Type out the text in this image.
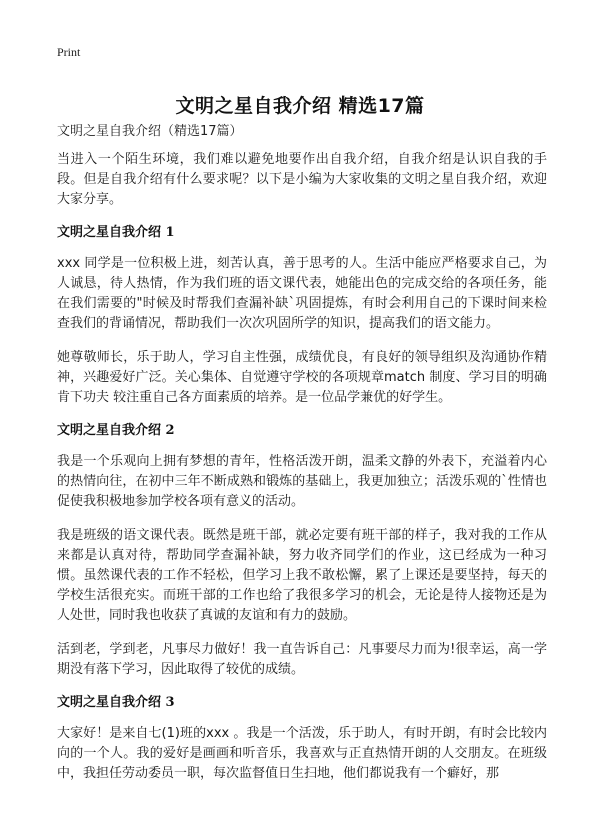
Print
文明之星自我介绍 精选17篇
文明之星自我介绍（精选17篇）

当进入一个陌生环境，我们难以避免地要作出自我介绍，自我介绍是认识自我的手段。但是自我介绍有什么要求呢？以下是小编为大家收集的文明之星自我介绍，欢迎大家分享。

文明之星自我介绍 1

xxx 同学是一位积极上进，刻苦认真，善于思考的人。生活中能应严格要求自己，为人诚恳，待人热情，作为我们班的语文课代表，她能出色的完成交给的各项任务，能在我们需要的"时候及时帮我们查漏补缺`巩固提炼，有时会利用自己的下课时间来检查我们的背诵情况，帮助我们一次次巩固所学的知识，提高我们的语文能力。

她尊敬师长，乐于助人，学习自主性强，成绩优良，有良好的领导组织及沟通协作精神，兴趣爱好广泛。关心集体、自觉遵守学校的各项规章match 制度、学习目的明确肯下功夫 较注重自己各方面素质的培养。是一位品学兼优的好学生。

文明之星自我介绍 2

我是一个乐观向上拥有梦想的青年，性格活泼开朗，温柔文静的外表下，充溢着内心的热情向往，在初中三年不断成熟和锻炼的基础上，我更加独立；活泼乐观的`性情也促使我积极地参加学校各项有意义的活动。

我是班级的语文课代表。既然是班干部，就必定要有班干部的样子，我对我的工作从来都是认真对待，帮助同学查漏补缺，努力收齐同学们的作业，这已经成为一种习惯。虽然课代表的工作不轻松，但学习上我不敢松懈，累了上课还是要坚持，每天的学校生活很充实。而班干部的工作也给了我很多学习的机会，无论是待人接物还是为人处世，同时我也收获了真诚的友谊和有力的鼓励。

活到老，学到老，凡事尽力做好！我一直告诉自己：凡事要尽力而为!很幸运，高一学期没有落下学习，因此取得了较优的成绩。

文明之星自我介绍 3

大家好！是来自七(1)班的xxx 。我是一个活泼，乐于助人，有时开朗，有时会比较内向的一个人。我的爱好是画画和听音乐，我喜欢与正直热情开朗的人交朋友。在班级中，我担任劳动委员一职，每次监督值日生扫地，他们都说我有一个癖好，那
